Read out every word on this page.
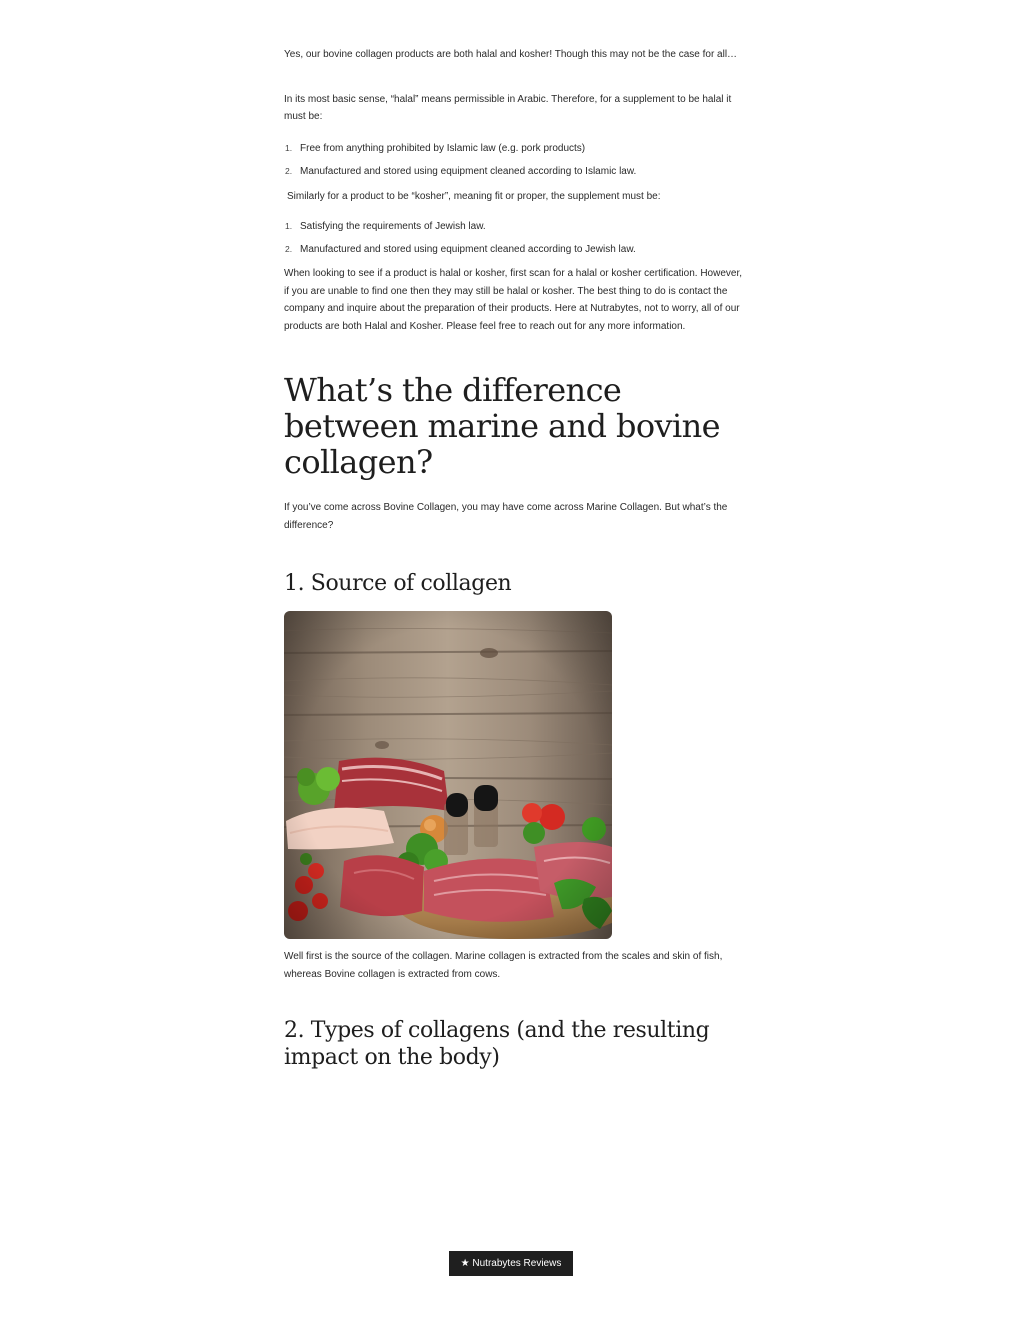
Yes, our bovine collagen products are both halal and kosher! Though this may not be the case for all…

In its most basic sense, “halal” means permissible in Arabic. Therefore, for a supplement to be halal it must be:

1. Free from anything prohibited by Islamic law (e.g. pork products)
2. Manufactured and stored using equipment cleaned according to Islamic law.

Similarly for a product to be “kosher”, meaning fit or proper, the supplement must be:

1. Satisfying the requirements of Jewish law.
2. Manufactured and stored using equipment cleaned according to Jewish law.

When looking to see if a product is halal or kosher, first scan for a halal or kosher certification. However, if you are unable to find one then they may still be halal or kosher. The best thing to do is contact the company and inquire about the preparation of their products. Here at Nutrabytes, not to worry, all of our products are both Halal and Kosher. Please feel free to reach out for any more information.

What’s the difference between marine and bovine collagen?

If you’ve come across Bovine Collagen, you may have come across Marine Collagen. But what’s the difference?

1. Source of collagen

Well first is the source of the collagen. Marine collagen is extracted from the scales and skin of fish, whereas Bovine collagen is extracted from cows.

2. Types of collagens (and the resulting impact on the body)
★ Nutrabytes Reviews
